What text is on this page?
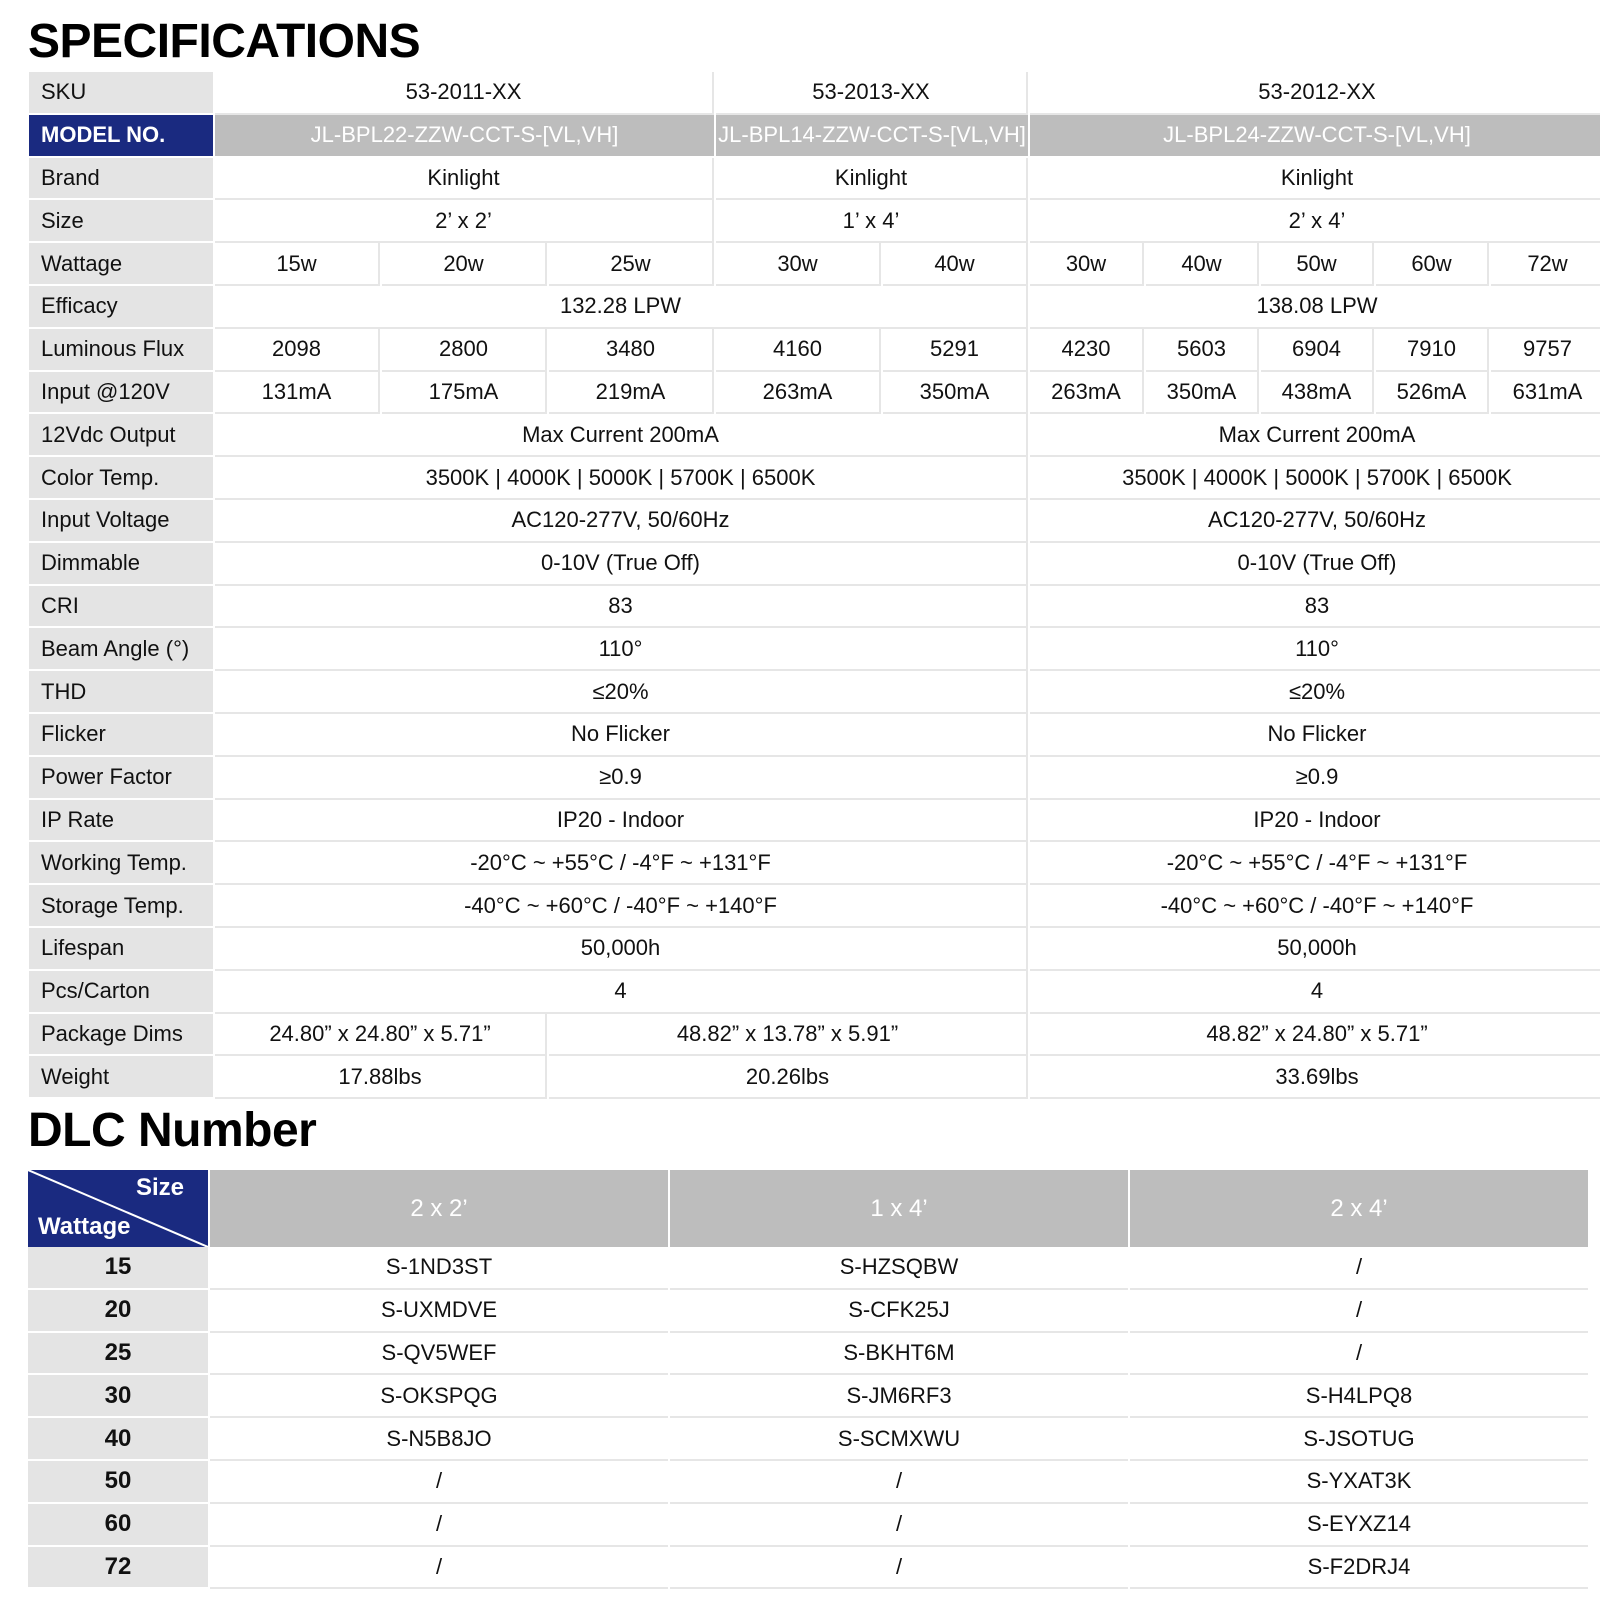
SPECIFICATIONS
SKU	53-2011-XX	53-2013-XX	53-2012-XX
MODEL NO.	JL-BPL22-ZZW-CCT-S-[VL,VH]	JL-BPL14-ZZW-CCT-S-[VL,VH]	JL-BPL24-ZZW-CCT-S-[VL,VH]
Brand	Kinlight	Kinlight	Kinlight
Size	2’ x 2’	1’ x 4’	2’ x 4’
Wattage	15w	20w	25w	30w	40w	30w	40w	50w	60w	72w
Efficacy	132.28 LPW	138.08 LPW
Luminous Flux	2098	2800	3480	4160	5291	4230	5603	6904	7910	9757
Input @120V	131mA	175mA	219mA	263mA	350mA	263mA	350mA	438mA	526mA	631mA
12Vdc Output	Max Current 200mA	Max Current 200mA
Color Temp.	3500K | 4000K | 5000K | 5700K | 6500K	3500K | 4000K | 5000K | 5700K | 6500K
Input Voltage	AC120-277V, 50/60Hz	AC120-277V, 50/60Hz
Dimmable	0-10V (True Off)	0-10V (True Off)
CRI	83	83
Beam Angle (°)	110°	110°
THD	≤20%	≤20%
Flicker	No Flicker	No Flicker
Power Factor	≥0.9	≥0.9
IP Rate	IP20 - Indoor	IP20 - Indoor
Working Temp.	-20°C ~ +55°C / -4°F ~ +131°F	-20°C ~ +55°C / -4°F ~ +131°F
Storage Temp.	-40°C ~ +60°C / -40°F ~ +140°F	-40°C ~ +60°C / -40°F ~ +140°F
Lifespan	50,000h	50,000h
Pcs/Carton	4	4
Package Dims	24.80” x 24.80” x 5.71”	48.82” x 13.78” x 5.91”	48.82” x 24.80” x 5.71”
Weight	17.88lbs	20.26lbs	33.69lbs
DLC Number
Size
Wattage
2 x 2’	1 x 4’	2 x 4’
15	S-1ND3ST	S-HZSQBW	/
20	S-UXMDVE	S-CFK25J	/
25	S-QV5WEF	S-BKHT6M	/
30	S-OKSPQG	S-JM6RF3	S-H4LPQ8
40	S-N5B8JO	S-SCMXWU	S-JSOTUG
50	/	/	S-YXAT3K
60	/	/	S-EYXZ14
72	/	/	S-F2DRJ4
